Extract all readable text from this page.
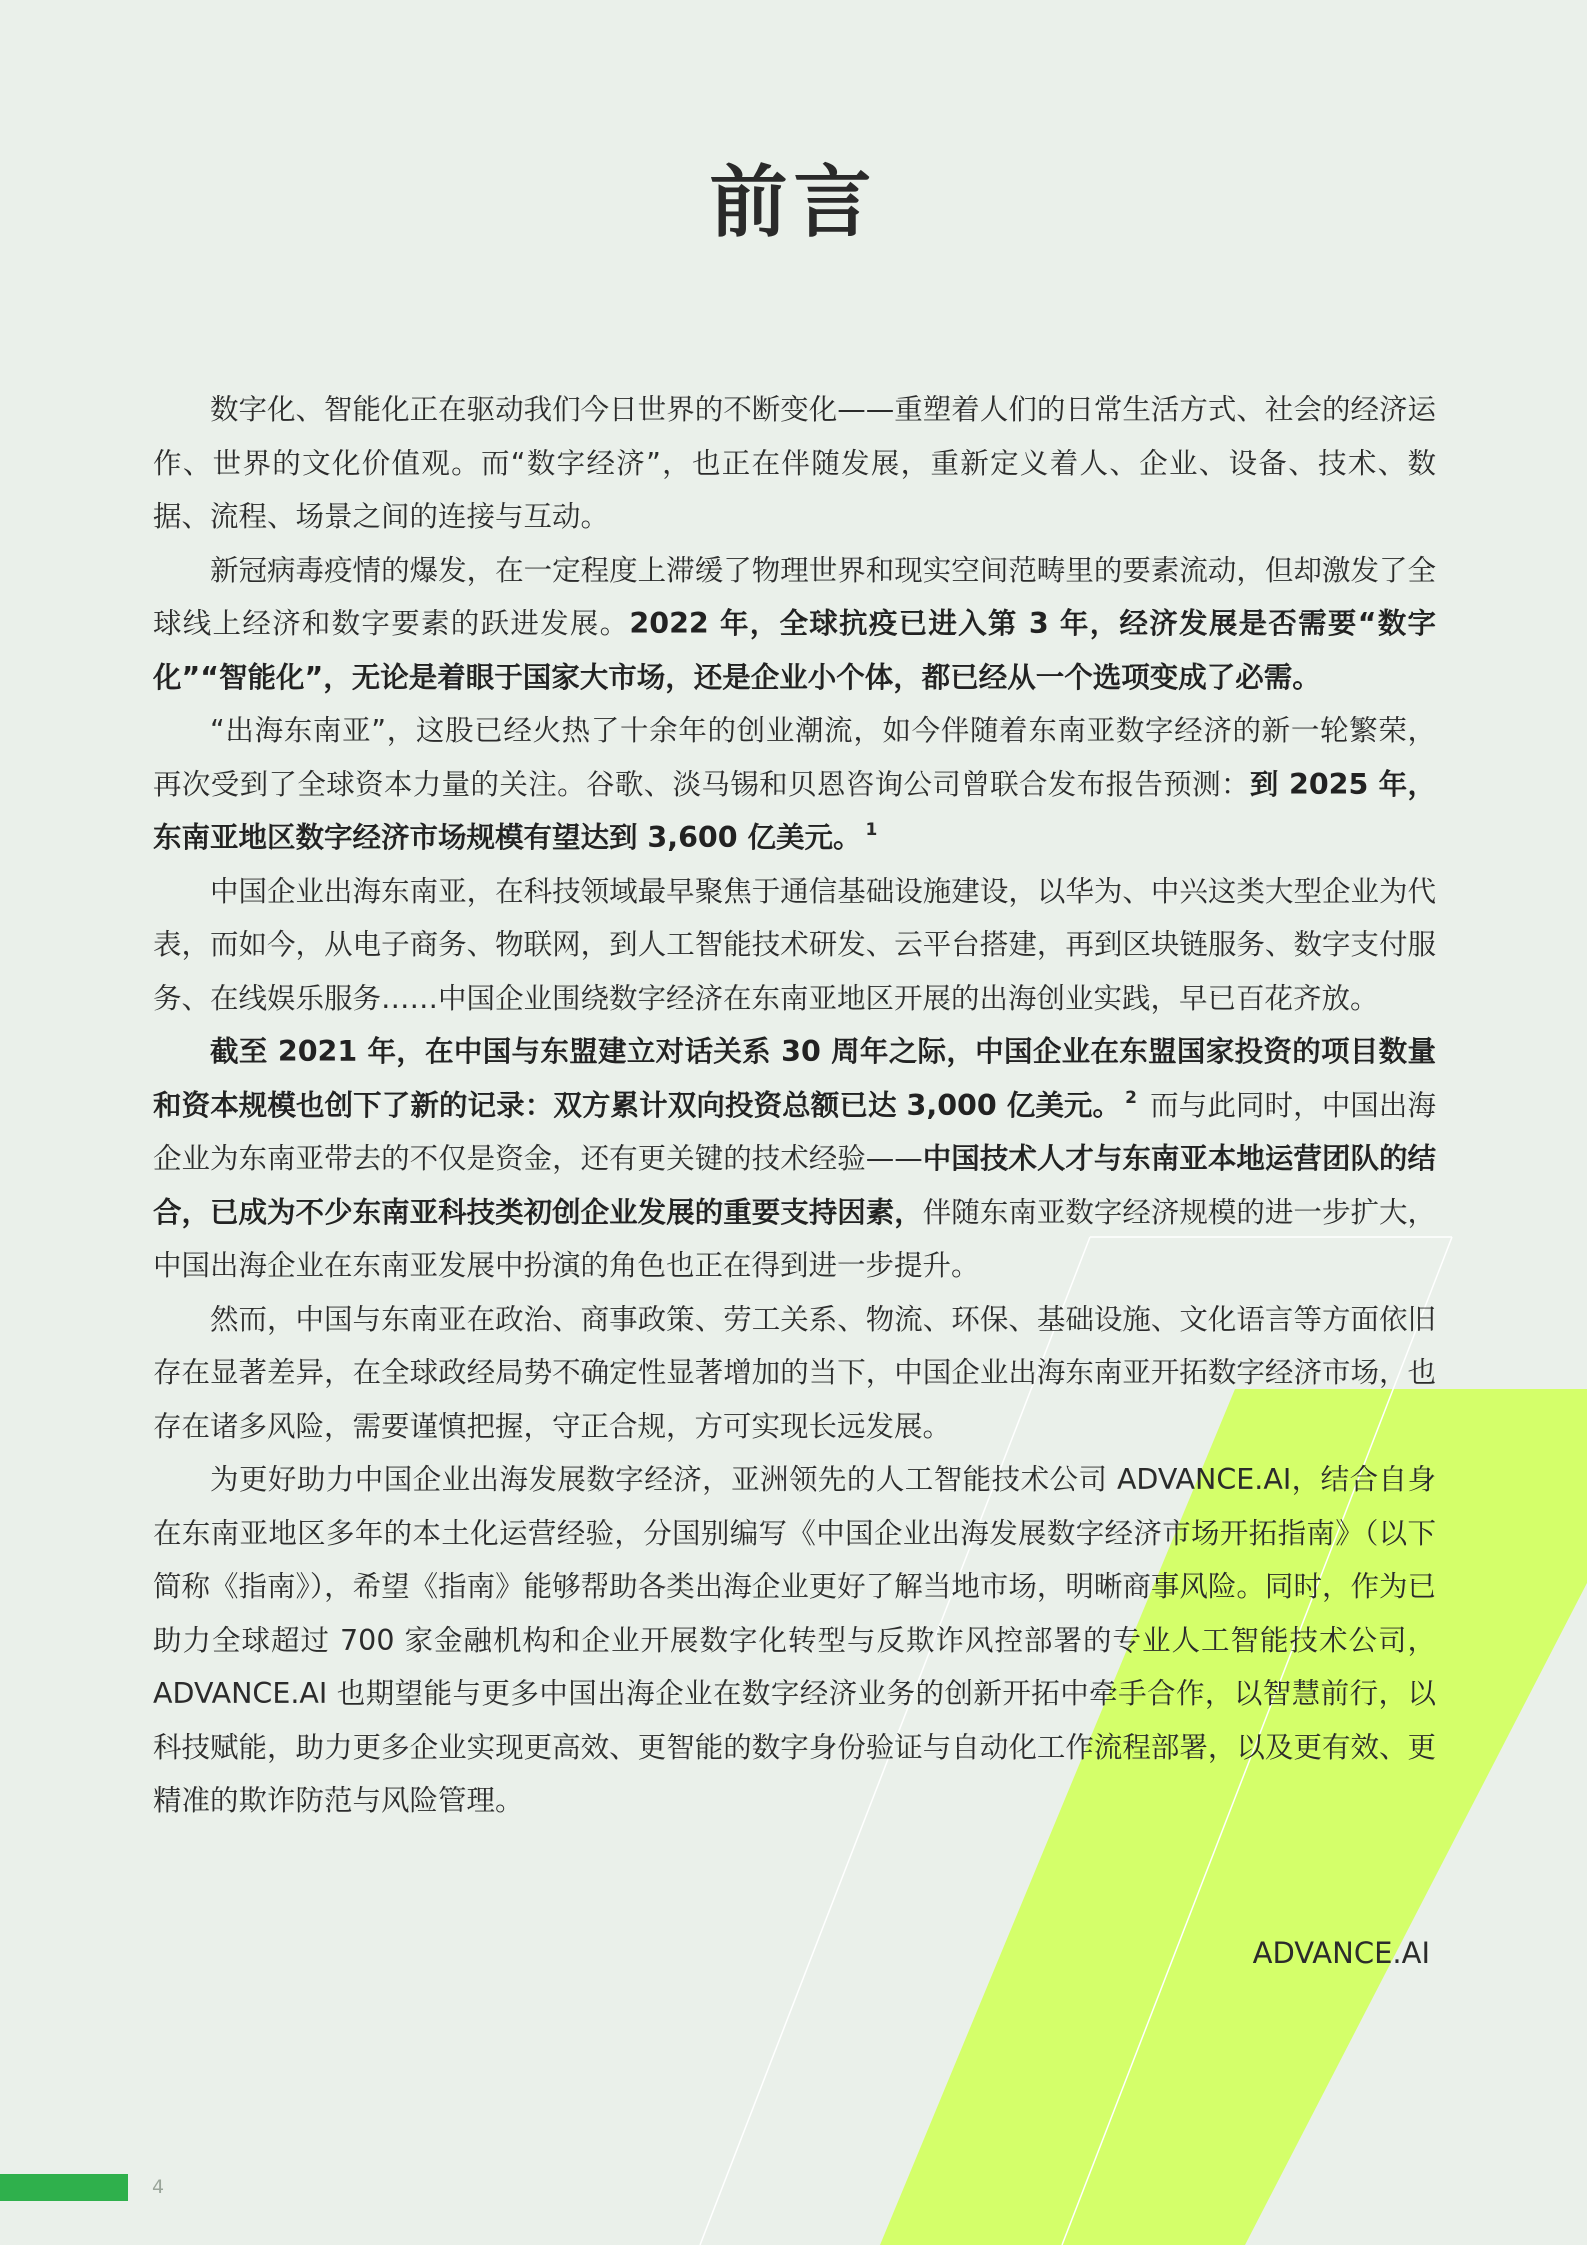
前言

数字化、智能化正在驱动我们今日世界的不断变化——重塑着人们的日常生活方式、社会的经济运作、世界的文化价值观。而“数字经济”，也正在伴随发展，重新定义着人、企业、设备、技术、数据、流程、场景之间的连接与互动。

新冠病毒疫情的爆发，在一定程度上滞缓了物理世界和现实空间范畴里的要素流动，但却激发了全球线上经济和数字要素的跃进发展。2022 年，全球抗疫已进入第 3 年，经济发展是否需要“数字化”“智能化”，无论是着眼于国家大市场，还是企业小个体，都已经从一个选项变成了必需。

“出海东南亚”，这股已经火热了十余年的创业潮流，如今伴随着东南亚数字经济的新一轮繁荣，再次受到了全球资本力量的关注。谷歌、淡马锡和贝恩咨询公司曾联合发布报告预测：到 2025 年，东南亚地区数字经济市场规模有望达到 3,600 亿美元。 $^1$

中国企业出海东南亚，在科技领域最早聚焦于通信基础设施建设，以华为、中兴这类大型企业为代表，而如今，从电子商务、物联网，到人工智能技术研发、云平台搭建，再到区块链服务、数字支付服务、在线娱乐服务……中国企业围绕数字经济在东南亚地区开展的出海创业实践，早已百花齐放。

截至 2021 年，在中国与东盟建立对话关系 30 周年之际，中国企业在东盟国家投资的项目数量和资本规模也创下了新的记录：双方累计双向投资总额已达 3,000 亿美元。 $^2$ 而与此同时，中国出海企业为东南亚带去的不仅是资金，还有更关键的技术经验——中国技术人才与东南亚本地运营团队的结合，已成为不少东南亚科技类初创企业发展的重要支持因素，伴随东南亚数字经济规模的进一步扩大，中国出海企业在东南亚发展中扮演的角色也正在得到进一步提升。

然而，中国与东南亚在政治、商事政策、劳工关系、物流、环保、基础设施、文化语言等方面依旧存在显著差异，在全球政经局势不确定性显著增加的当下，中国企业出海东南亚开拓数字经济市场，也存在诸多风险，需要谨慎把握，守正合规，方可实现长远发展。

为更好助力中国企业出海发展数字经济，亚洲领先的人工智能技术公司 ADVANCE.AI，结合自身在东南亚地区多年的本土化运营经验，分国别编写《中国企业出海发展数字经济市场开拓指南》（以下简称《指南》），希望《指南》能够帮助各类出海企业更好了解当地市场，明晰商事风险。同时，作为已助力全球超过 700 家金融机构和企业开展数字化转型与反欺诈风控部署的专业人工智能技术公司，ADVANCE.AI 也期望能与更多中国出海企业在数字经济业务的创新开拓中牵手合作，以智慧前行，以科技赋能，助力更多企业实现更高效、更智能的数字身份验证与自动化工作流程部署，以及更有效、更精准的欺诈防范与风险管理。

ADVANCE.AI
4
